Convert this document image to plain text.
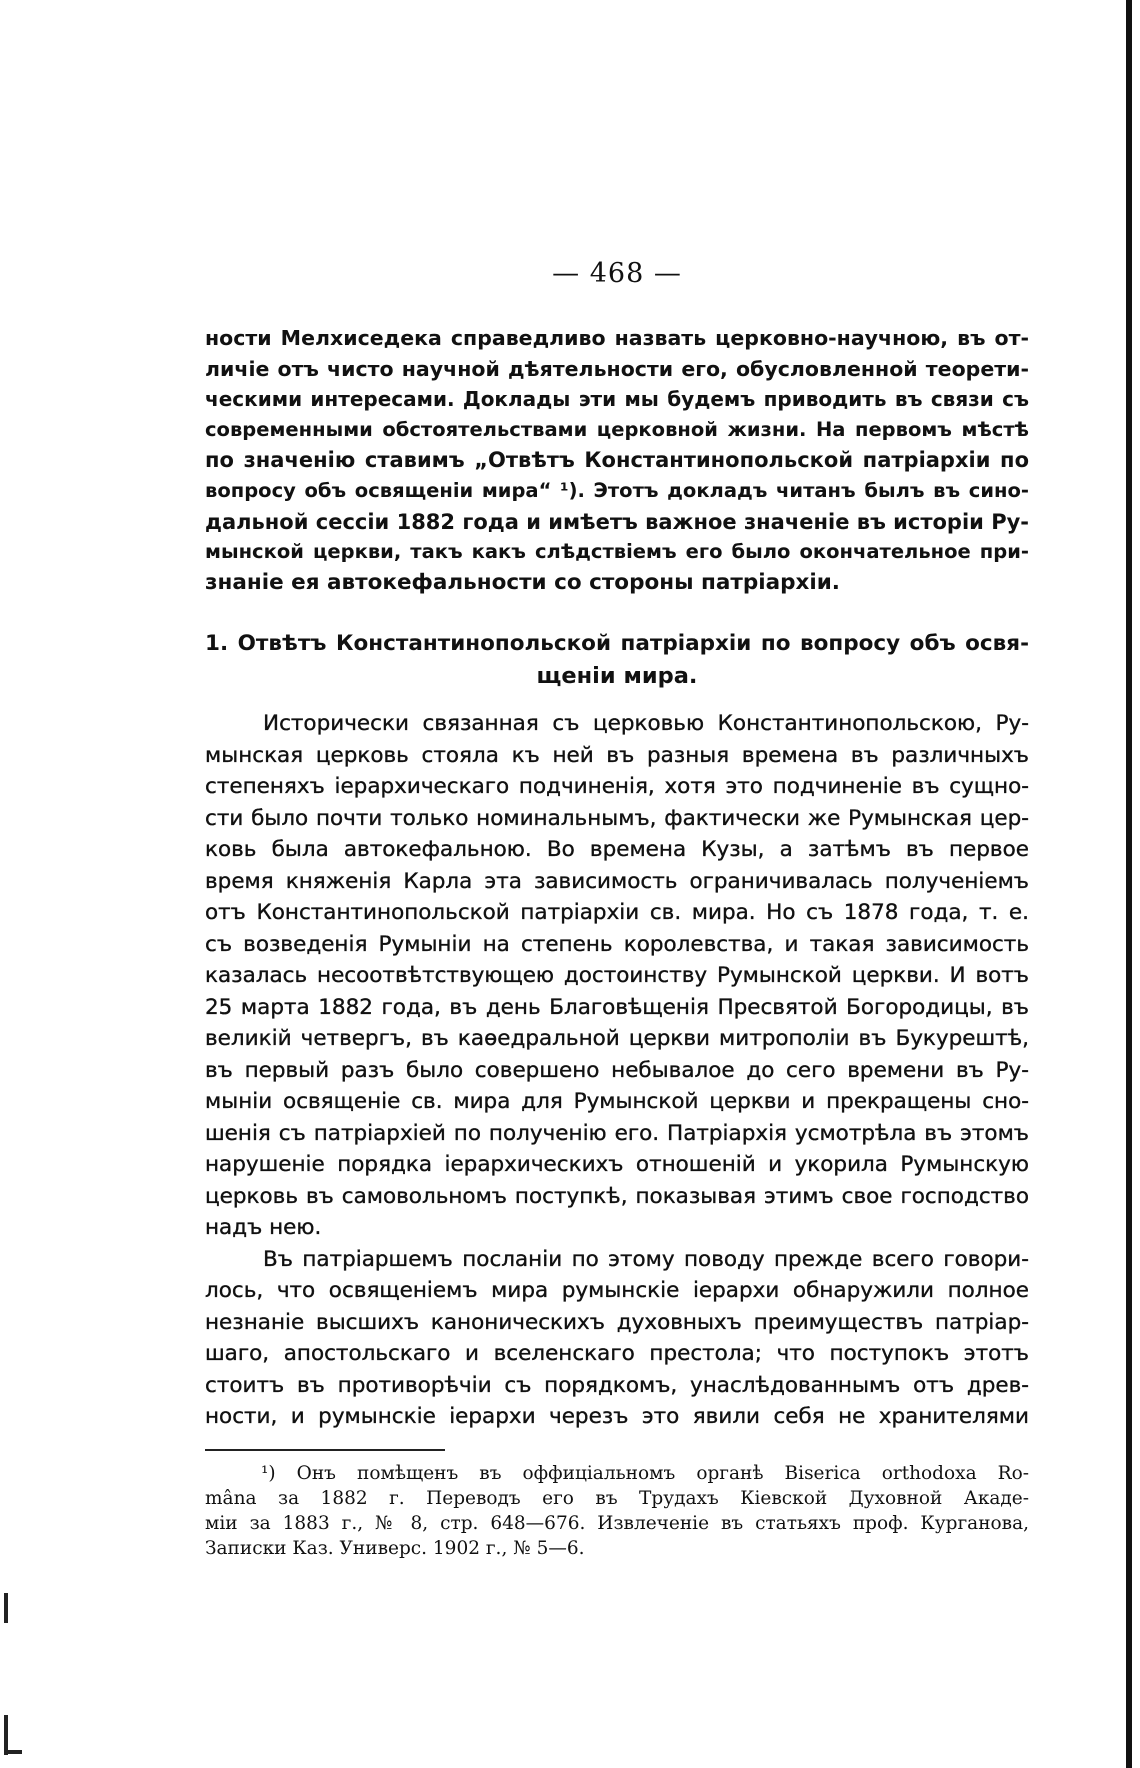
— 468 —
ности Мелхиседека справедливо назвать церковно-научною, въ от-
личіе отъ чисто научной дѣятельности его, обусловленной теорети-
ческими интересами. Доклады эти мы будемъ приводить въ связи съ
современными обстоятельствами церковной жизни. На первомъ мѣстѣ
по значенію ставимъ „Отвѣтъ Константинопольской патріархіи по
вопросу объ освященіи мира“ ¹). Этотъ докладъ читанъ былъ въ сино-
дальной сессіи 1882 года и имѣетъ важное значеніе въ исторіи Ру-
мынской церкви, такъ какъ слѣдствіемъ его было окончательное при-
знаніе ея автокефальности со стороны патріархіи.
1. Отвѣтъ Константинопольской патріархіи по вопросу объ освя-
щеніи мира.
Исторически связанная съ церковью Константинопольскою, Ру-
мынская церковь стояла къ ней въ разныя времена въ различныхъ
степеняхъ іерархическаго подчиненія, хотя это подчиненіе въ сущно-
сти было почти только номинальнымъ, фактически же Румынская цер-
ковь была автокефальною. Во времена Кузы, а затѣмъ въ первое
время княженія Карла эта зависимость ограничивалась полученіемъ
отъ Константинопольской патріархіи св. мира. Но съ 1878 года, т. е.
съ возведенія Румыніи на степень королевства, и такая зависимость
казалась несоотвѣтствующею достоинству Румынской церкви. И вотъ
25 марта 1882 года, въ день Благовѣщенія Пресвятой Богородицы, въ
великій четвергъ, въ каѳедральной церкви митрополіи въ Букурештѣ,
въ первый разъ было совершено небывалое до сего времени въ Ру-
мыніи освященіе св. мира для Румынской церкви и прекращены сно-
шенія съ патріархіей по полученію его. Патріархія усмотрѣла въ этомъ
нарушеніе порядка іерархическихъ отношеній и укорила Румынскую
церковь въ самовольномъ поступкѣ, показывая этимъ свое господство
надъ нею.
Въ патріаршемъ посланіи по этому поводу прежде всего говори-
лось, что освященіемъ мира румынскіе іерархи обнаружили полное
незнаніе высшихъ каноническихъ духовныхъ преимуществъ патріар-
шаго, апостольскаго и вселенскаго престола; что поступокъ этотъ
стоитъ въ противорѣчіи съ порядкомъ, унаслѣдованнымъ отъ древ-
ности, и румынскіе іерархи черезъ это явили себя не хранителями
¹) Онъ помѣщенъ въ оффиціальномъ органѣ Biserica orthodoxa Ro-
mâna за 1882 г. Переводъ его въ Трудахъ Кіевской Духовной Акаде-
міи за 1883 г., № 8, стр. 648—676. Извлеченіе въ статьяхъ проф. Курганова,
Записки Каз. Универс. 1902 г., № 5—6.
